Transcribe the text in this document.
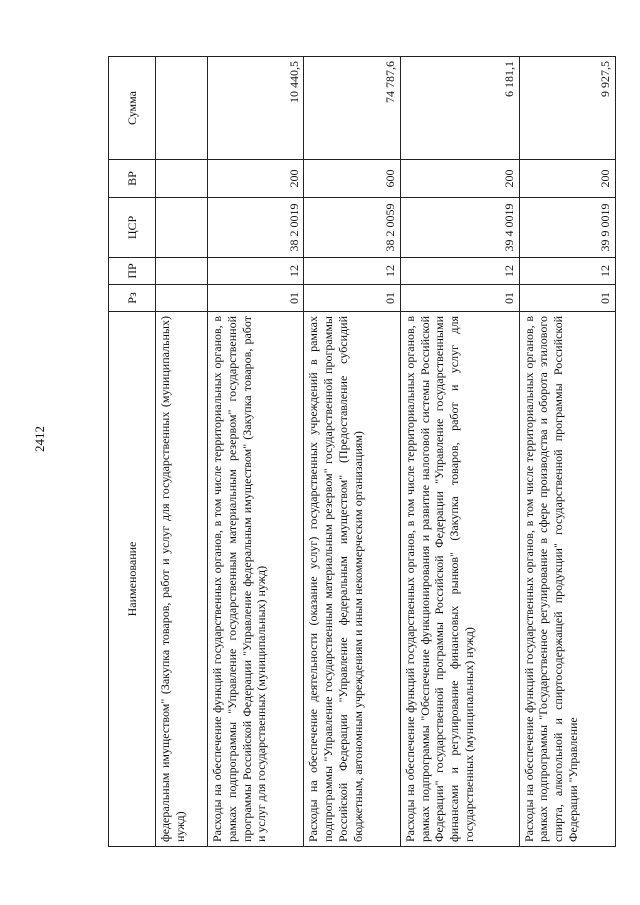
2412
Наименование	Рз	ПР	ЦСР	ВР	Сумма
федеральным имуществом" (Закупка товаров, работ и услуг для государственных (муниципальных) нужд)					
Расходы на обеспечение функций государственных органов, в том числе территориальных органов, в рамках подпрограммы "Управление государственным материальным резервом" государственной программы Российской Федерации "Управление федеральным имуществом" (Закупка товаров, работ и услуг для государственных (муниципальных) нужд)	01	12	38 2 0019	200	10 440,5
Расходы на обеспечение деятельности (оказание услуг) государственных учреждений в рамках подпрограммы "Управление государственным материальным резервом" государственной программы Российской Федерации "Управление федеральным имуществом" (Предоставление субсидий бюджетным, автономным учреждениям и иным некоммерческим организациям)	01	12	38 2 0059	600	74 787,6
Расходы на обеспечение функций государственных органов, в том числе территориальных органов, в рамках подпрограммы "Обеспечение функционирования и развитие налоговой системы Российской Федерации" государственной программы Российской Федерации "Управление государственными финансами и регулирование финансовых рынков" (Закупка товаров, работ и услуг для государственных (муниципальных) нужд)	01	12	39 4 0019	200	6 181,1
Расходы на обеспечение функций государственных органов, в том числе территориальных органов, в рамках подпрограммы "Государственное регулирование в сфере производства и оборота этилового спирта, алкогольной и спиртосодержащей продукции" государственной программы Российской Федерации "Управление	01	12	39 9 0019	200	9 927,5
